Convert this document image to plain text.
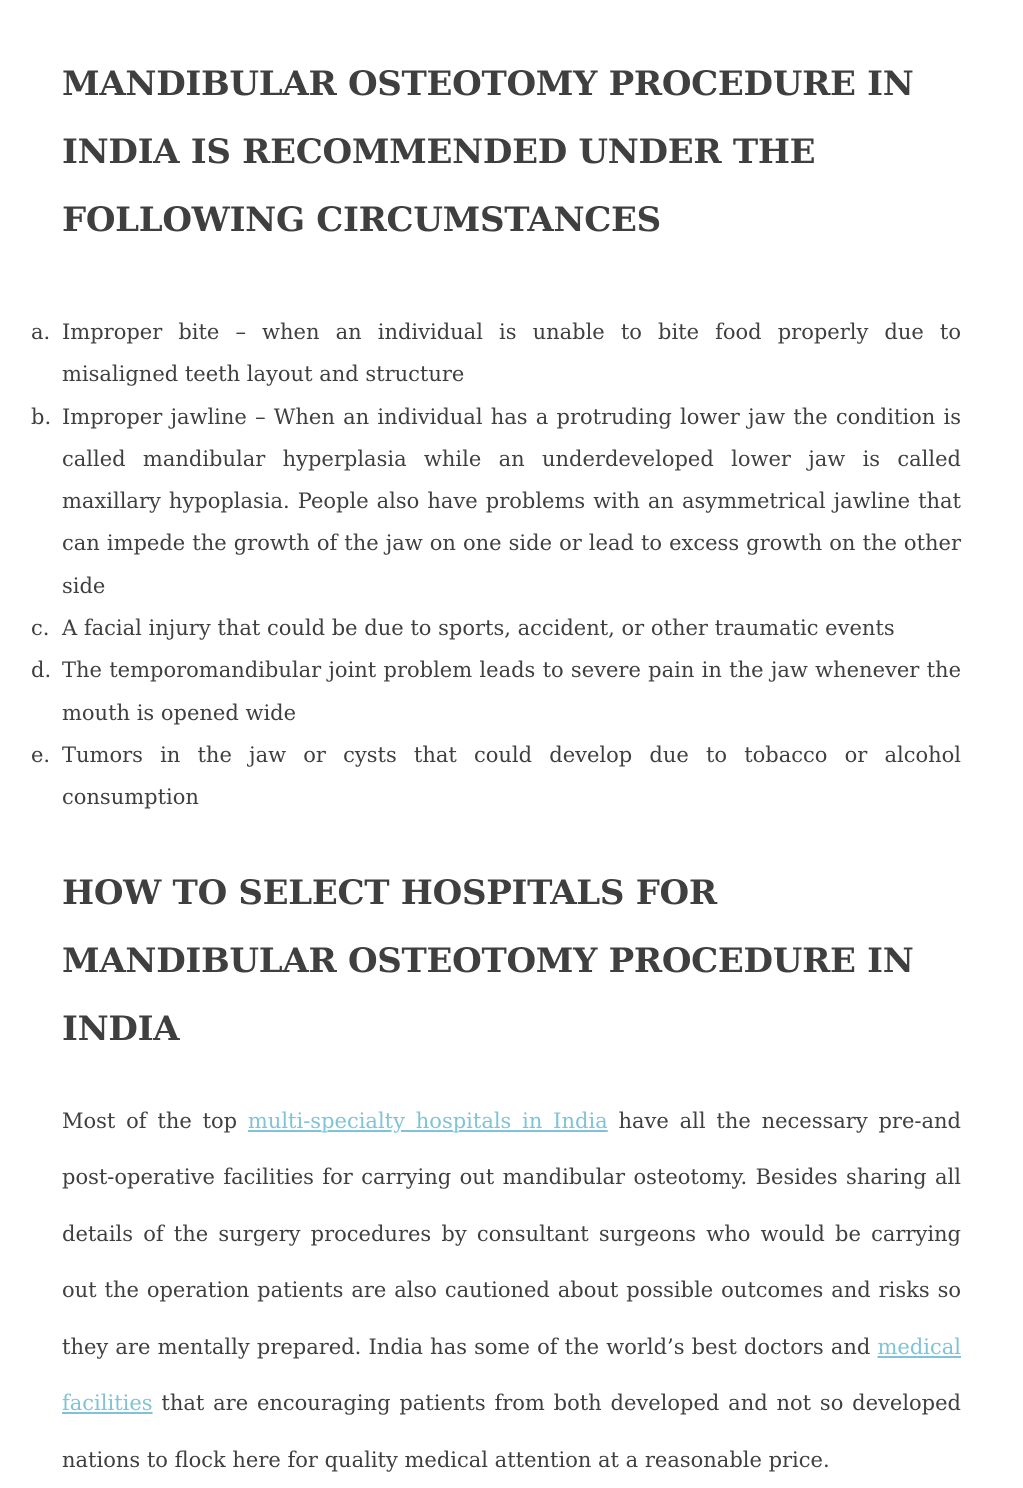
MANDIBULAR OSTEOTOMY PROCEDURE IN INDIA IS RECOMMENDED UNDER THE FOLLOWING CIRCUMSTANCES
a. Improper bite – when an individual is unable to bite food properly due to misaligned teeth layout and structure
b. Improper jawline – When an individual has a protruding lower jaw the condition is called mandibular hyperplasia while an underdeveloped lower jaw is called maxillary hypoplasia. People also have problems with an asymmetrical jawline that can impede the growth of the jaw on one side or lead to excess growth on the other side
c. A facial injury that could be due to sports, accident, or other traumatic events
d. The temporomandibular joint problem leads to severe pain in the jaw whenever the mouth is opened wide
e. Tumors in the jaw or cysts that could develop due to tobacco or alcohol consumption
HOW TO SELECT HOSPITALS FOR MANDIBULAR OSTEOTOMY PROCEDURE IN INDIA

Most of the top multi-specialty hospitals in India have all the necessary pre-and post-operative facilities for carrying out mandibular osteotomy. Besides sharing all details of the surgery procedures by consultant surgeons who would be carrying out the operation patients are also cautioned about possible outcomes and risks so they are mentally prepared. India has some of the world’s best doctors and medical facilities that are encouraging patients from both developed and not so developed nations to flock here for quality medical attention at a reasonable price.
